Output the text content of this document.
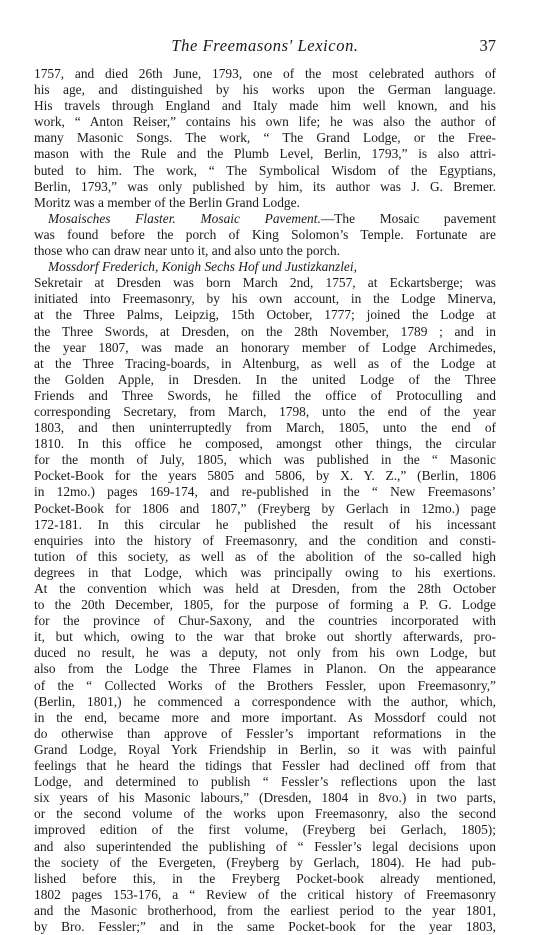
The Freemasons' Lexicon.	37
1757, and died 26th June, 1793, one of the most celebrated authors of
his age, and distinguished by his works upon the German language.
His travels through England and Italy made him well known, and his
work, “ Anton Reiser,” contains his own life; he was also the author of
many Masonic Songs. The work, “ The Grand Lodge, or the Free-
mason with the Rule and the Plumb Level, Berlin, 1793,” is also attri-
buted to him. The work, “ The Symbolical Wisdom of the Egyptians,
Berlin, 1793,” was only published by him, its author was J. G. Bremer.
Moritz was a member of the Berlin Grand Lodge.
Mosaisches Flaster. Mosaic Pavement.—The Mosaic pavement
was found before the porch of King Solomon’s Temple. Fortunate are
those who can draw near unto it, and also unto the porch.
Mossdorf Frederich, Konigh Sechs Hof und Justizkanzlei,
Sekretair at Dresden was born March 2nd, 1757, at Eckartsberge; was
initiated into Freemasonry, by his own account, in the Lodge Minerva,
at the Three Palms, Leipzig, 15th October, 1777; joined the Lodge at
the Three Swords, at Dresden, on the 28th November, 1789 ; and in
the year 1807, was made an honorary member of Lodge Archimedes,
at the Three Tracing-boards, in Altenburg, as well as of the Lodge at
the Golden Apple, in Dresden. In the united Lodge of the Three
Friends and Three Swords, he filled the office of Protoculling and
corresponding Secretary, from March, 1798, unto the end of the year
1803, and then uninterruptedly from March, 1805, unto the end of
1810. In this office he composed, amongst other things, the circular
for the month of July, 1805, which was published in the “ Masonic
Pocket-Book for the years 5805 and 5806, by X. Y. Z.,” (Berlin, 1806
in 12mo.) pages 169-174, and re-published in the “ New Freemasons’
Pocket-Book for 1806 and 1807,” (Freyberg by Gerlach in 12mo.) page
172-181. In this circular he published the result of his incessant
enquiries into the history of Freemasonry, and the condition and consti-
tution of this society, as well as of the abolition of the so-called high
degrees in that Lodge, which was principally owing to his exertions.
At the convention which was held at Dresden, from the 28th October
to the 20th December, 1805, for the purpose of forming a P. G. Lodge
for the province of Chur-Saxony, and the countries incorporated with
it, but which, owing to the war that broke out shortly afterwards, pro-
duced no result, he was a deputy, not only from his own Lodge, but
also from the Lodge the Three Flames in Planon. On the appearance
of the “ Collected Works of the Brothers Fessler, upon Freemasonry,”
(Berlin, 1801,) he commenced a correspondence with the author, which,
in the end, became more and more important. As Mossdorf could not
do otherwise than approve of Fessler’s important reformations in the
Grand Lodge, Royal York Friendship in Berlin, so it was with painful
feelings that he heard the tidings that Fessler had declined off from that
Lodge, and determined to publish “ Fessler’s reflections upon the last
six years of his Masonic labours,” (Dresden, 1804 in 8vo.) in two parts,
or the second volume of the works upon Freemasonry, also the second
improved edition of the first volume, (Freyberg bei Gerlach, 1805);
and also superintended the publishing of “ Fessler’s legal decisions upon
the society of the Evergeten, (Freyberg by Gerlach, 1804). He had pub-
lished before this, in the Freyberg Pocket-book already mentioned,
1802 pages 153-176, a “ Review of the critical history of Freemasonry
and the Masonic brotherhood, from the earliest period to the year 1801,
by Bro. Fessler;” and in the same Pocket-book for the year 1803,
